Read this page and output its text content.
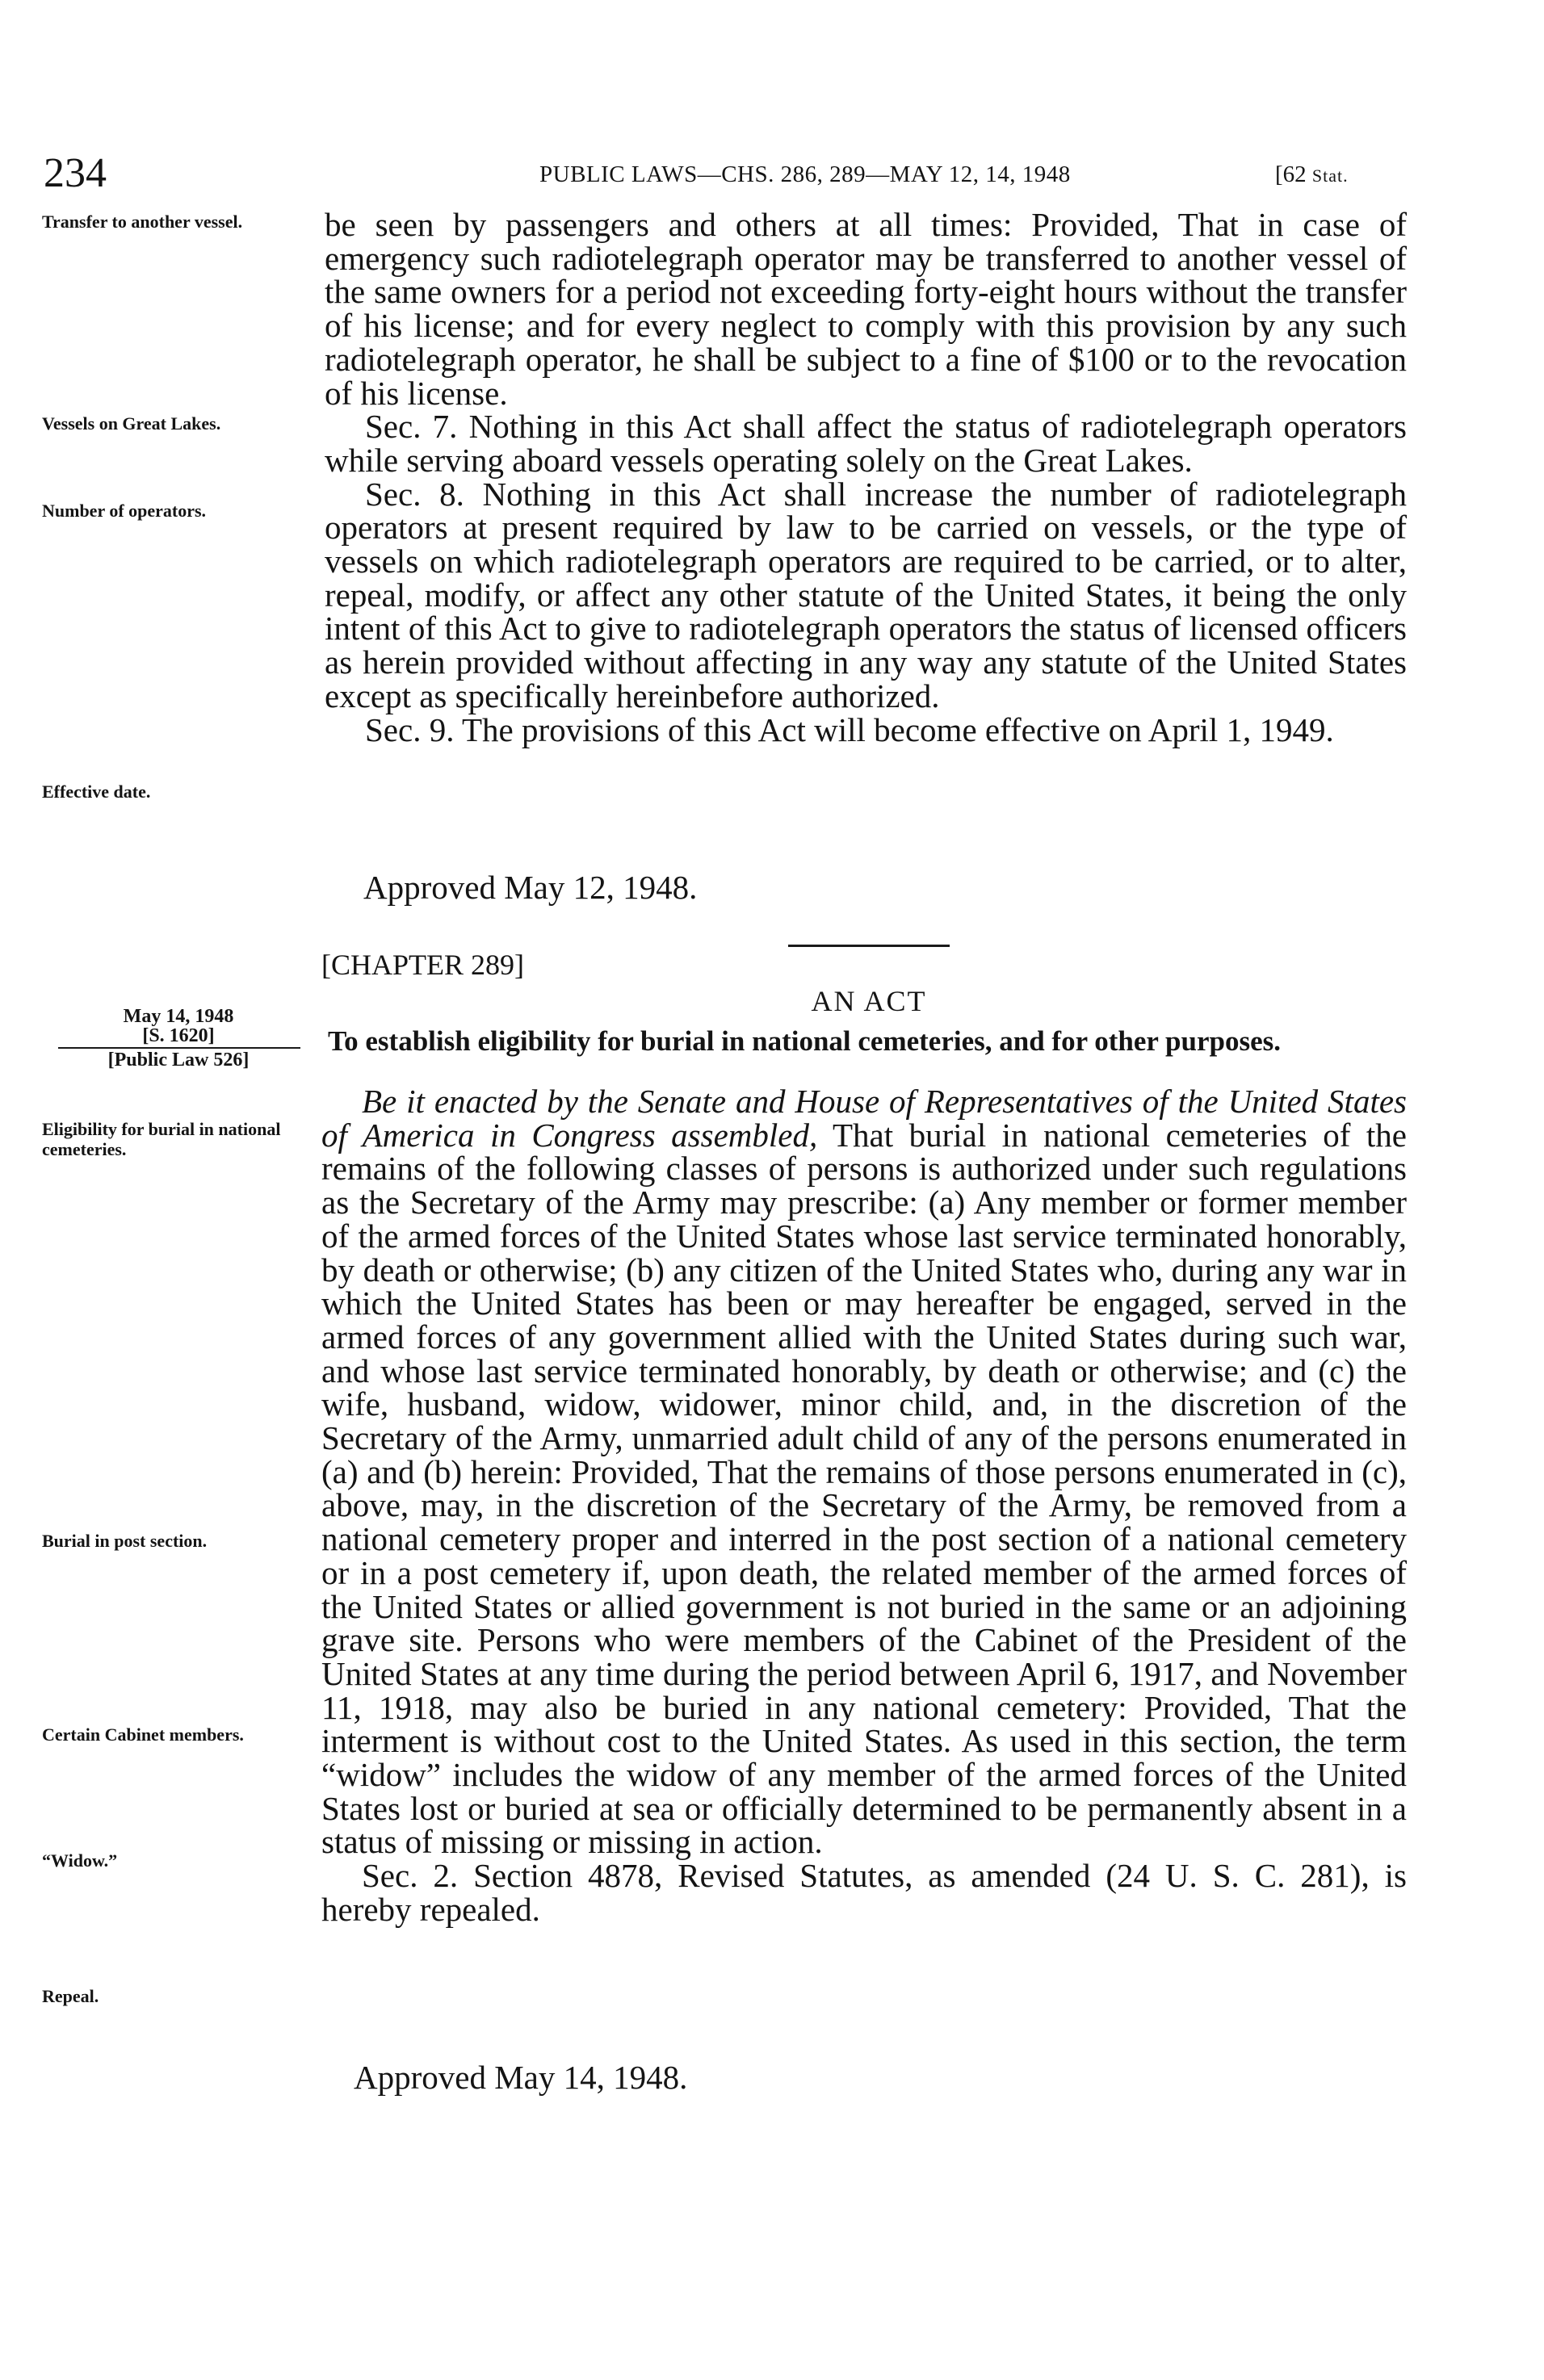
234	PUBLIC LAWS—CHS. 286, 289—MAY 12, 14, 1948	[62 Stat.
Transfer to another vessel.
Vessels on Great Lakes.
Number of operators.
Effective date.
May 14, 1948
[S. 1620]
[Public Law 526]
Eligibility for burial in national cemeteries.
Burial in post section.
Certain Cabinet members.
“Widow.”
Repeal.

be seen by passengers and others at all times: Provided, That in case of emergency such radiotelegraph operator may be transferred to another vessel of the same owners for a period not exceeding forty-eight hours without the transfer of his license; and for every neglect to comply with this provision by any such radiotelegraph operator, he shall be subject to a fine of $100 or to the revocation of his license.

Sec. 7. Nothing in this Act shall affect the status of radiotelegraph operators while serving aboard vessels operating solely on the Great Lakes.

Sec. 8. Nothing in this Act shall increase the number of radiotelegraph operators at present required by law to be carried on vessels, or the type of vessels on which radiotelegraph operators are required to be carried, or to alter, repeal, modify, or affect any other statute of the United States, it being the only intent of this Act to give to radiotelegraph operators the status of licensed officers as herein provided without affecting in any way any statute of the United States except as specifically hereinbefore authorized.

Sec. 9. The provisions of this Act will become effective on April 1, 1949.

Approved May 12, 1948.
[CHAPTER 289]
AN ACT
To establish eligibility for burial in national cemeteries, and for other purposes.

Be it enacted by the Senate and House of Representatives of the United States of America in Congress assembled, That burial in national cemeteries of the remains of the following classes of persons is authorized under such regulations as the Secretary of the Army may prescribe: (a) Any member or former member of the armed forces of the United States whose last service terminated honorably, by death or otherwise; (b) any citizen of the United States who, during any war in which the United States has been or may hereafter be engaged, served in the armed forces of any government allied with the United States during such war, and whose last service terminated honorably, by death or otherwise; and (c) the wife, husband, widow, widower, minor child, and, in the discretion of the Secretary of the Army, unmarried adult child of any of the persons enumerated in (a) and (b) herein: Provided, That the remains of those persons enumerated in (c), above, may, in the discretion of the Secretary of the Army, be removed from a national cemetery proper and interred in the post section of a national cemetery or in a post cemetery if, upon death, the related member of the armed forces of the United States or allied government is not buried in the same or an adjoining grave site. Persons who were members of the Cabinet of the President of the United States at any time during the period between April 6, 1917, and November 11, 1918, may also be buried in any national cemetery: Provided, That the interment is without cost to the United States. As used in this section, the term “widow” includes the widow of any member of the armed forces of the United States lost or buried at sea or officially determined to be permanently absent in a status of missing or missing in action.

Sec. 2. Section 4878, Revised Statutes, as amended (24 U. S. C. 281), is hereby repealed.

Approved May 14, 1948.
